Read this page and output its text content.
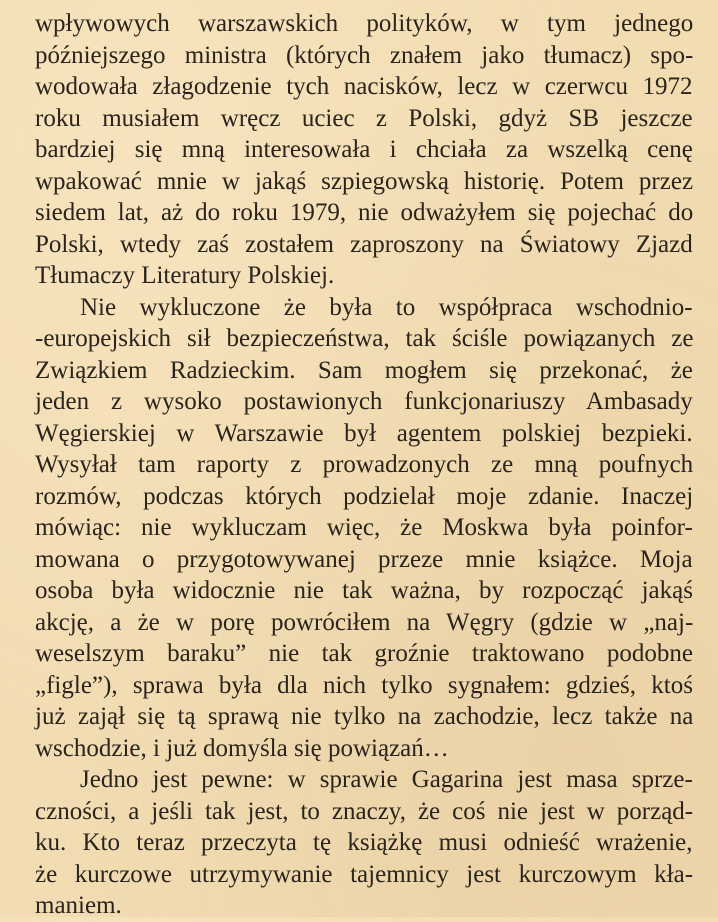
wpływowych warszawskich polityków, w tym jednego
późniejszego ministra (których znałem jako tłumacz) spo-
wodowała złagodzenie tych nacisków, lecz w czerwcu 1972
roku musiałem wręcz uciec z Polski, gdyż SB jeszcze
bardziej się mną interesowała i chciała za wszelką cenę
wpakować mnie w jakąś szpiegowską historię. Potem przez
siedem lat, aż do roku 1979, nie odważyłem się pojechać do
Polski, wtedy zaś zostałem zaproszony na Światowy Zjazd
Tłumaczy Literatury Polskiej.
Nie wykluczone że była to współpraca wschodnio-
-europejskich sił bezpieczeństwa, tak ściśle powiązanych ze
Związkiem Radzieckim. Sam mogłem się przekonać, że
jeden z wysoko postawionych funkcjonariuszy Ambasady
Węgierskiej w Warszawie był agentem polskiej bezpieki.
Wysyłał tam raporty z prowadzonych ze mną poufnych
rozmów, podczas których podzielał moje zdanie. Inaczej
mówiąc: nie wykluczam więc, że Moskwa była poinfor-
mowana o przygotowywanej przeze mnie książce. Moja
osoba była widocznie nie tak ważna, by rozpocząć jakąś
akcję, a że w porę powróciłem na Węgry (gdzie w „naj-
weselszym baraku” nie tak groźnie traktowano podobne
„figle”), sprawa była dla nich tylko sygnałem: gdzieś, ktoś
już zajął się tą sprawą nie tylko na zachodzie, lecz także na
wschodzie, i już domyśla się powiązań…
Jedno jest pewne: w sprawie Gagarina jest masa sprze-
czności, a jeśli tak jest, to znaczy, że coś nie jest w porząd-
ku. Kto teraz przeczyta tę książkę musi odnieść wrażenie,
że kurczowe utrzymywanie tajemnicy jest kurczowym kła-
maniem.
